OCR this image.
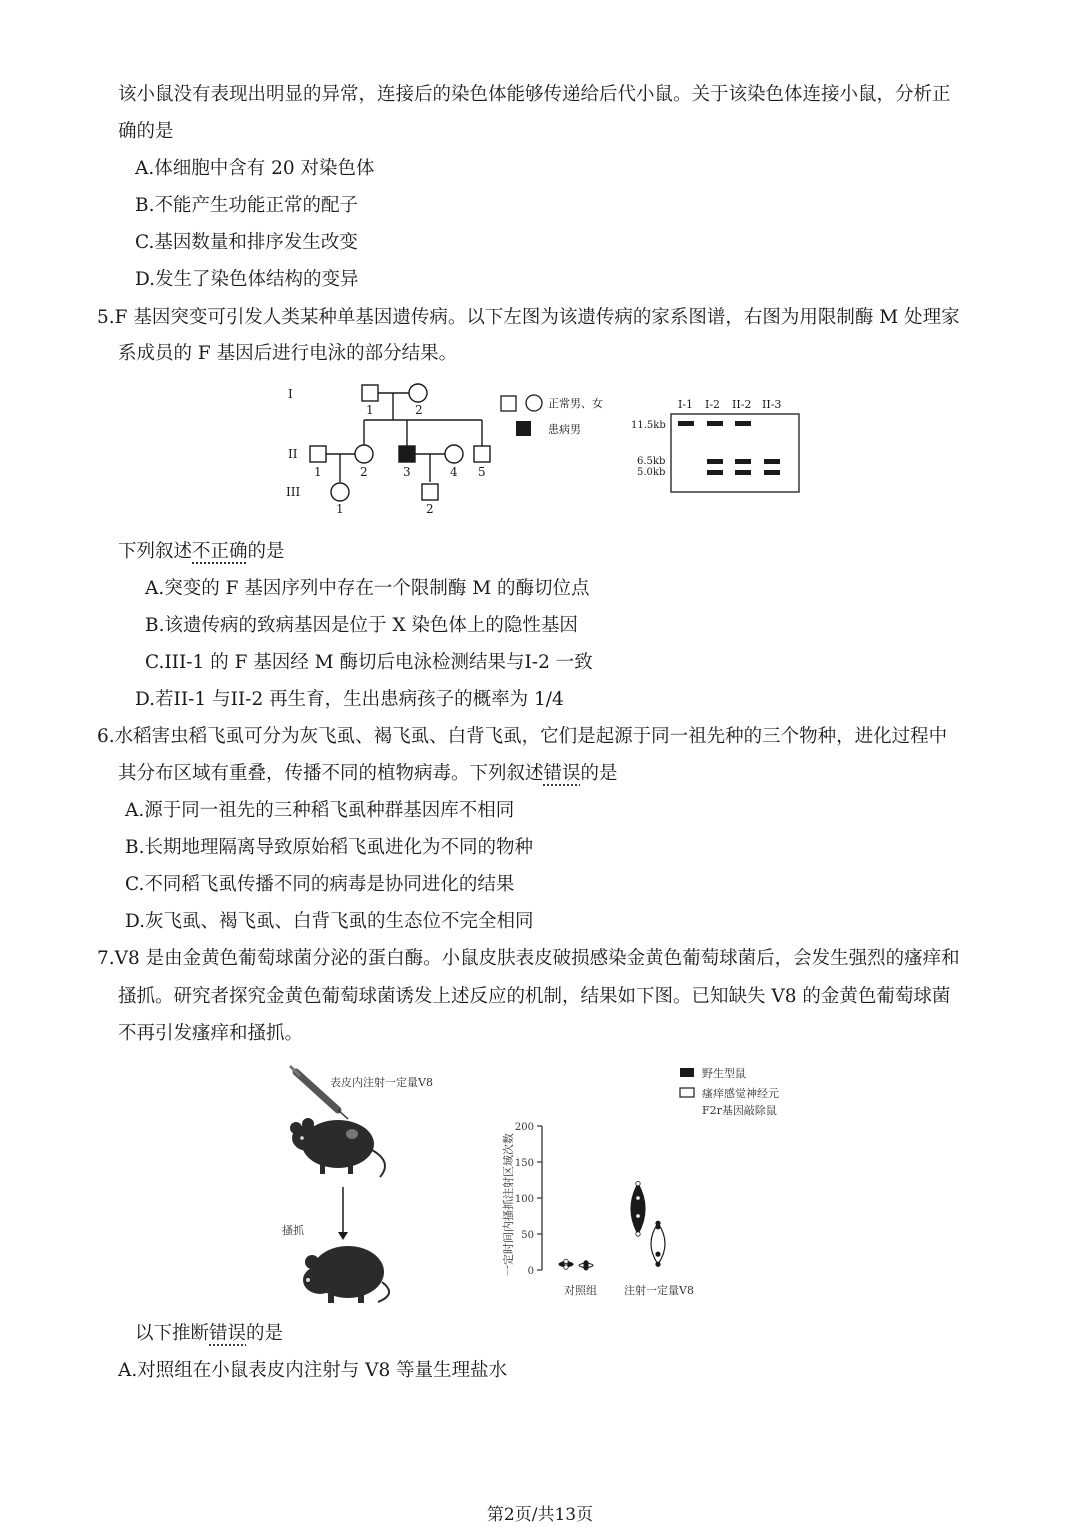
该小鼠没有表现出明显的异常，连接后的染色体能够传递给后代小鼠。关于该染色体连接小鼠，分析正
确的是
A.体细胞中含有 20 对染色体
B.不能产生功能正常的配子
C.基因数量和排序发生改变
D.发生了染色体结构的变异
5.F 基因突变可引发人类某种单基因遗传病。以下左图为该遗传病的家系图谱，右图为用限制酶 M 处理家
系成员的 F 基因后进行电泳的部分结果。
I
II
III
1	2
1	2	3	4 5
1	2
正常男、女
患病男
I-1 I-2 II-2 II-3
11.5kb
6.5kb
5.0kb
下列叙述不正确的是
A.突变的 F 基因序列中存在一个限制酶 M 的酶切位点
B.该遗传病的致病基因是位于 X 染色体上的隐性基因
C.III-1 的 F 基因经 M 酶切后电泳检测结果与I-2 一致
D.若II-1 与II-2 再生育，生出患病孩子的概率为 1/4
6.水稻害虫稻飞虱可分为灰飞虱、褐飞虱、白背飞虱，它们是起源于同一祖先种的三个物种，进化过程中
其分布区域有重叠，传播不同的植物病毒。下列叙述错误的是
A.源于同一祖先的三种稻飞虱种群基因库不相同
B.长期地理隔离导致原始稻飞虱进化为不同的物种
C.不同稻飞虱传播不同的病毒是协同进化的结果
D.灰飞虱、褐飞虱、白背飞虱的生态位不完全相同
7.V8 是由金黄色葡萄球菌分泌的蛋白酶。小鼠皮肤表皮破损感染金黄色葡萄球菌后，会发生强烈的瘙痒和
搔抓。研究者探究金黄色葡萄球菌诱发上述反应的机制，结果如下图。已知缺失 V8 的金黄色葡萄球菌
不再引发瘙痒和搔抓。
表皮内注射一定量V8
搔抓
野生型鼠
瘙痒感觉神经元
F2r基因敲除鼠
一定时间内搔抓注射区域次数 0
50
100
150
200
对照组 注射一定量V8
以下推断错误的是
A.对照组在小鼠表皮内注射与 V8 等量生理盐水
第2页/共13页
